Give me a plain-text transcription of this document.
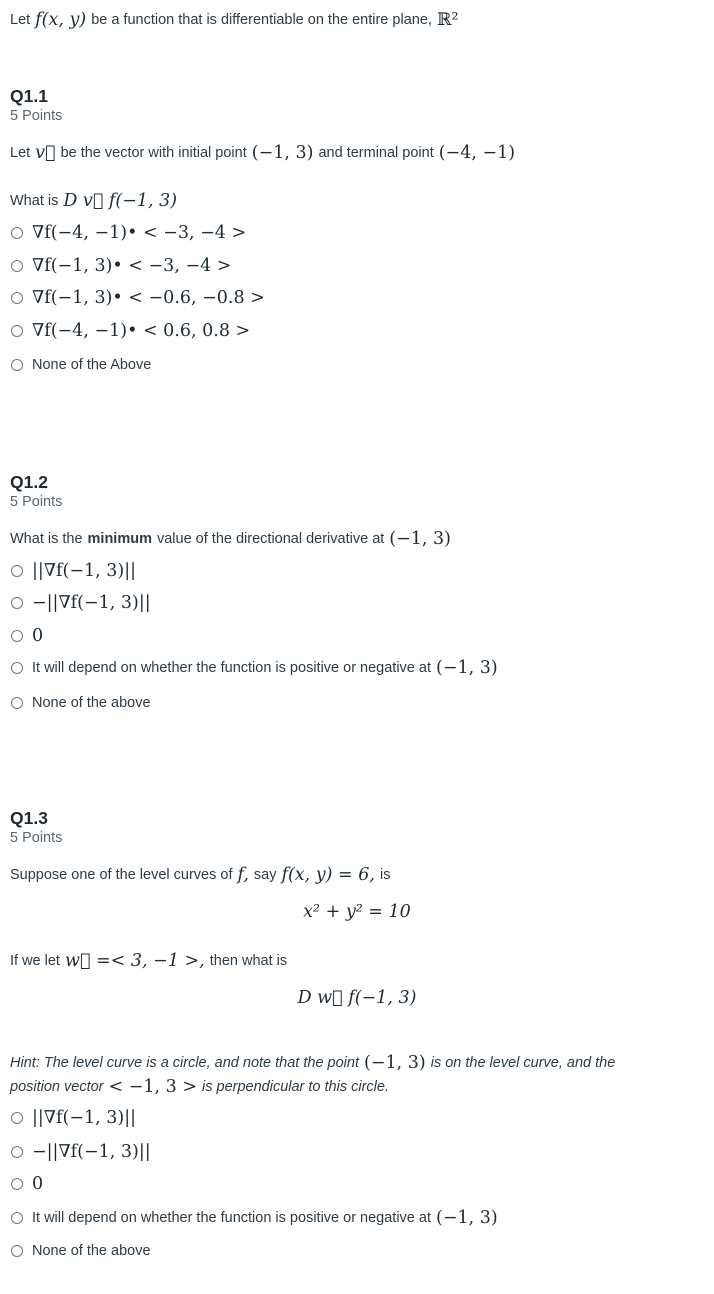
Let f(x, y) be a function that is differentiable on the entire plane, ℝ²
Q1.1
5 Points
Let v⃗ be the vector with initial point (−1, 3) and terminal point (−4, −1)
What is D v⃗ f(−1, 3)
∇f(−4, −1)• < −3, −4 >
∇f(−1, 3)• < −3, −4 >
∇f(−1, 3)• < −0.6, −0.8 >
∇f(−4, −1)• < 0.6, 0.8 >
None of the Above
Q1.2
5 Points
What is the minimum value of the directional derivative at (−1, 3)
||∇f(−1, 3)||
−||∇f(−1, 3)||
0
It will depend on whether the function is positive or negative at (−1, 3)
None of the above
Q1.3
5 Points
Suppose one of the level curves of f, say f(x, y) = 6, is
x² + y² = 10
If we let w⃗ =< 3, −1 >, then what is
D w⃗ f(−1, 3)
Hint: The level curve is a circle, and note that the point (−1, 3) is on the level curve, and the
position vector < −1, 3 > is perpendicular to this circle.
||∇f(−1, 3)||
−||∇f(−1, 3)||
0
It will depend on whether the function is positive or negative at (−1, 3)
None of the above
